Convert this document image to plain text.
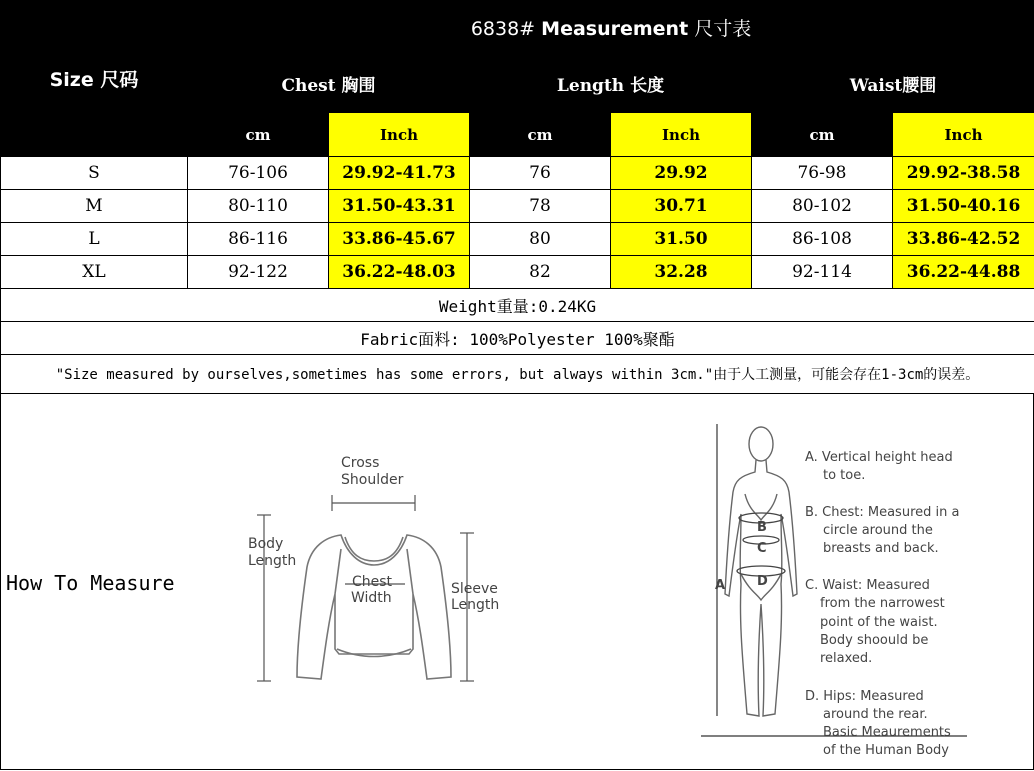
Size 尺码	6838# Measurement 尺寸表					
	Chest 胸围		Length 长度		Waist腰围	
	cm	Inch	cm	Inch	cm	Inch
S	76-106	29.92-41.73	76	29.92	76-98	29.92-38.58
M	80-110	31.50-43.31	78	30.71	80-102	31.50-40.16
L	86-116	33.86-45.67	80	31.50	86-108	33.86-42.52
XL	92-122	36.22-48.03	82	32.28	92-114	36.22-44.88
Weight重量:0.24KG						
Fabric面料: 100%Polyester 100%聚酯						
"Size measured by ourselves,sometimes has some errors, but always within 3cm."由于人工测量，可能会存在1-3cm的误差。						
How To Measure
Cross
Shoulder
Body
Length
Chest
Width
Sleeve
Length
A
B
C
D
A. Vertical height head
to toe.
B. Chest: Measured in a
circle around the
breasts and back.
C. Waist: Measured
from the narrowest
point of the waist.
Body shoould be
relaxed.
D. Hips: Measured
around the rear.
Basic Meaurements
of the Human Body
